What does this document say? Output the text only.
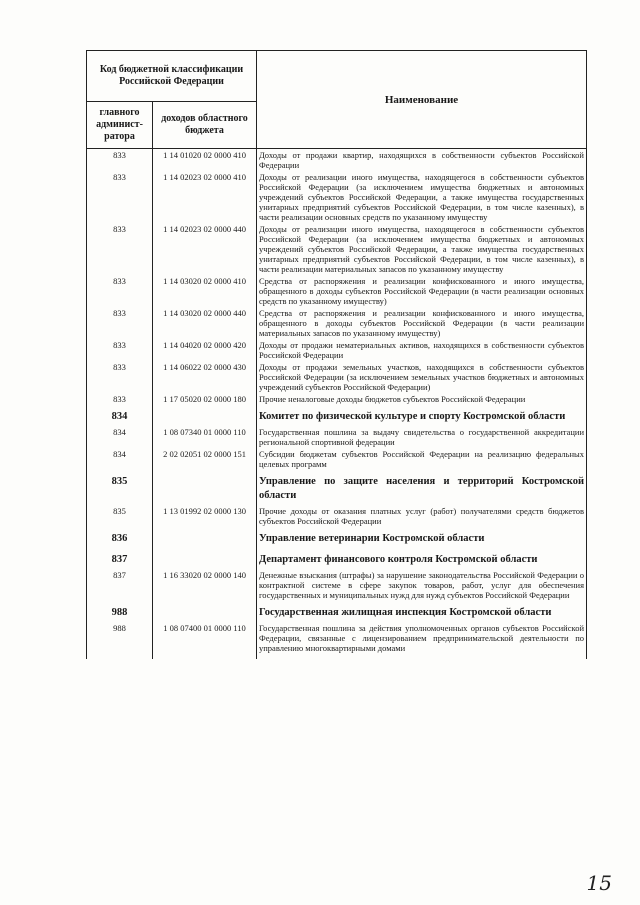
Код бюджетной классификации Российской Федерации		Наименование
главного админист-ратора	доходов областного бюджета	
833	1 14 01020 02 0000 410	Доходы от продажи квартир, находящихся в собственности субъектов Российской Федерации
833	1 14 02023 02 0000 410	Доходы от реализации иного имущества, находящегося в собственности субъектов Российской Федерации (за исключением имущества бюджетных и автономных учреждений субъектов Российской Федерации, а также имущества государственных унитарных предприятий субъектов Российской Федерации, в том числе казенных), в части реализации основных средств по указанному имуществу
833	1 14 02023 02 0000 440	Доходы от реализации иного имущества, находящегося в собственности субъектов Российской Федерации (за исключением имущества бюджетных и автономных учреждений субъектов Российской Федерации, а также имущества государственных унитарных предприятий субъектов Российской Федерации, в том числе казенных), в части реализации материальных запасов по указанному имуществу
833	1 14 03020 02 0000 410	Средства от распоряжения и реализации конфискованного и иного имущества, обращенного в доходы субъектов Российской Федерации (в части реализации основных средств по указанному имуществу)
833	1 14 03020 02 0000 440	Средства от распоряжения и реализации конфискованного и иного имущества, обращенного в доходы субъектов Российской Федерации (в части реализации материальных запасов по указанному имуществу)
833	1 14 04020 02 0000 420	Доходы от продажи нематериальных активов, находящихся в собственности субъектов Российской Федерации
833	1 14 06022 02 0000 430	Доходы от продажи земельных участков, находящихся в собственности субъектов Российской Федерации (за исключением земельных участков бюджетных и автономных учреждений субъектов Российской Федерации)
833	1 17 05020 02 0000 180	Прочие неналоговые доходы бюджетов субъектов Российской Федерации
834		Комитет по физической культуре и спорту Костромской области
834	1 08 07340 01 0000 110	Государственная пошлина за выдачу свидетельства о государственной аккредитации региональной спортивной федерации
834	2 02 02051 02 0000 151	Субсидии бюджетам субъектов Российской Федерации на реализацию федеральных целевых программ
835		Управление по защите населения и территорий Костромской области
835	1 13 01992 02 0000 130	Прочие доходы от оказания платных услуг (работ) получателями средств бюджетов субъектов Российской Федерации
836		Управление ветеринарии Костромской области
837		Департамент финансового контроля Костромской области
837	1 16 33020 02 0000 140	Денежные взыскания (штрафы) за нарушение законодательства Российской Федерации о контрактной системе в сфере закупок товаров, работ, услуг для обеспечения государственных и муниципальных нужд для нужд субъектов Российской Федерации
988		Государственная жилищная инспекция Костромской области
988	1 08 07400 01 0000 110	Государственная пошлина за действия уполномоченных органов субъектов Российской Федерации, связанные с лицензированием предпринимательской деятельности по управлению многоквартирными домами
15
